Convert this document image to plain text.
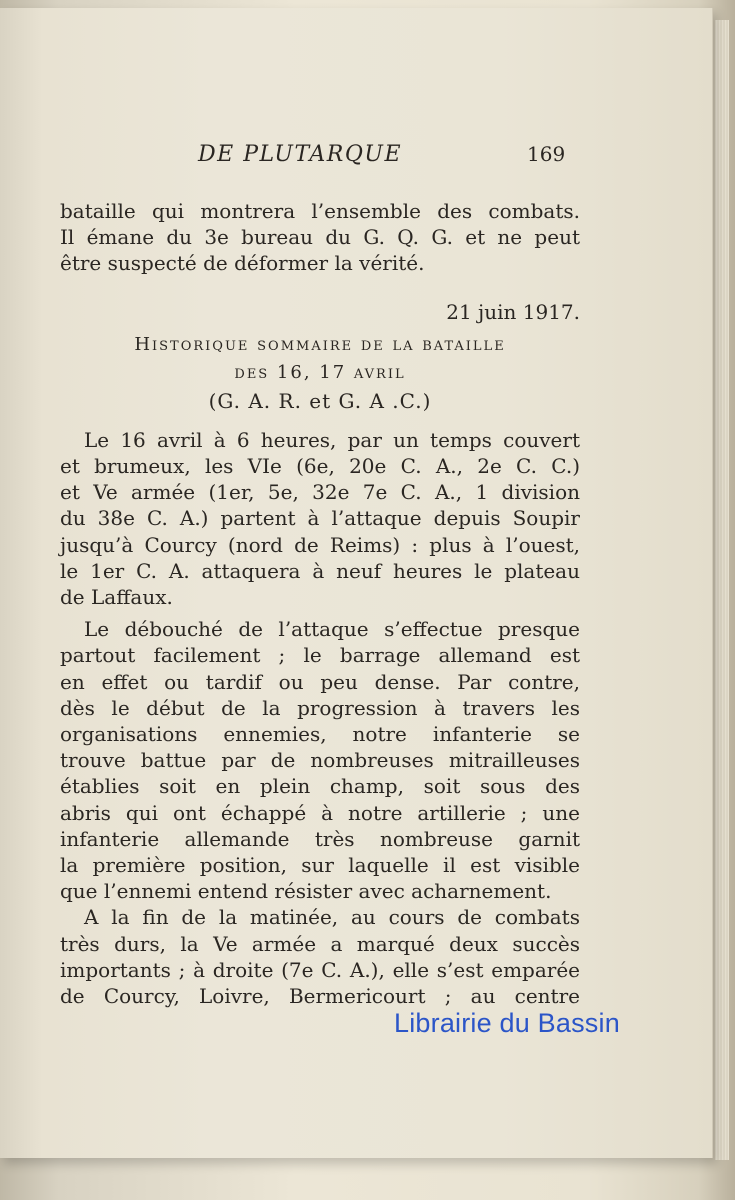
DE PLUTARQUE	169
bataille qui montrera l’ensemble des combats.
Il émane du 3e bureau du G. Q. G. et ne peut
être suspecté de déformer la vérité.
21 juin 1917.
Historique sommaire de la bataille
des 16, 17 avril
(G. A. R. et G. A .C.)
Le 16 avril à 6 heures, par un temps couvert
et brumeux, les VIe (6e, 20e C. A., 2e C. C.)
et Ve armée (1er, 5e, 32e 7e C. A., 1 division
du 38e C. A.) partent à l’attaque depuis Soupir
jusqu’à Courcy (nord de Reims) : plus à l’ouest,
le 1er C. A. attaquera à neuf heures le plateau
de Laffaux.
Le débouché de l’attaque s’effectue presque
partout facilement ; le barrage allemand est
en effet ou tardif ou peu dense. Par contre,
dès le début de la progression à travers les
organisations ennemies, notre infanterie se
trouve battue par de nombreuses mitrailleuses
établies soit en plein champ, soit sous des
abris qui ont échappé à notre artillerie ; une
infanterie allemande très nombreuse garnit
la première position, sur laquelle il est visible
que l’ennemi entend résister avec acharnement.
A la fin de la matinée, au cours de combats
très durs, la Ve armée a marqué deux succès
importants ; à droite (7e C. A.), elle s’est emparée
de Courcy, Loivre, Bermericourt ; au centre
Librairie du Bassin
